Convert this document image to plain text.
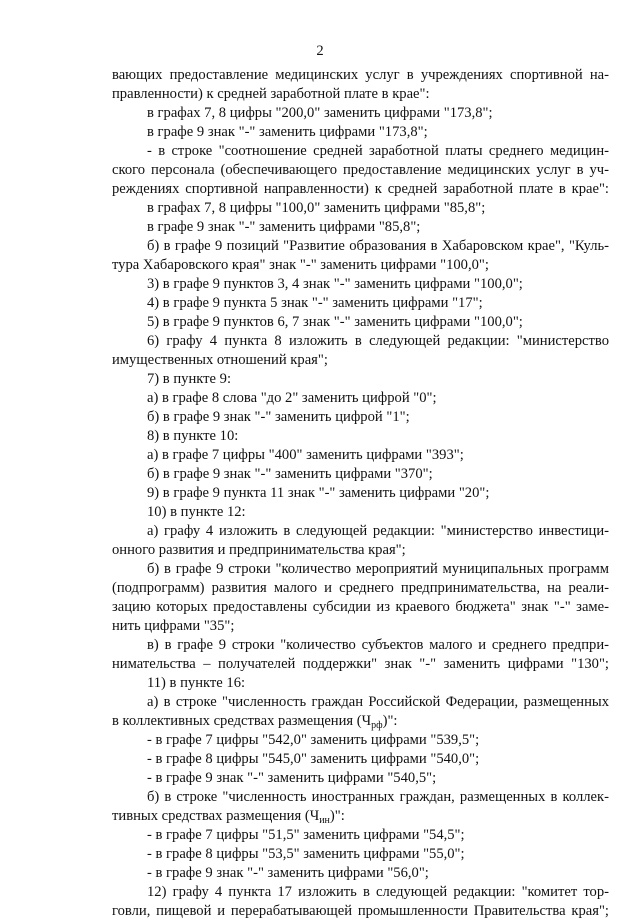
2
вающих предоставление медицинских услуг в учреждениях спортивной на-
правленности) к средней заработной плате в крае":
в графах 7, 8 цифры "200,0" заменить цифрами "173,8";
в графе 9 знак "-" заменить цифрами "173,8";
- в строке "соотношение средней заработной платы среднего медицин-
ского персонала (обеспечивающего предоставление медицинских услуг в уч-
реждениях спортивной направленности) к средней заработной плате в крае":
в графах 7, 8 цифры "100,0" заменить цифрами "85,8";
в графе 9 знак "-" заменить цифрами "85,8";
б) в графе 9 позиций "Развитие образования в Хабаровском крае", "Куль-
тура Хабаровского края" знак "-" заменить цифрами "100,0";
3) в графе 9 пунктов 3, 4 знак "-" заменить цифрами "100,0";
4) в графе 9 пункта 5 знак "-" заменить цифрами "17";
5) в графе 9 пунктов 6, 7 знак "-" заменить цифрами "100,0";
6) графу 4 пункта 8 изложить в следующей редакции: "министерство
имущественных отношений края";
7) в пункте 9:
а) в графе 8 слова "до 2" заменить цифрой "0";
б) в графе 9 знак "-" заменить цифрой "1";
8) в пункте 10:
а) в графе 7 цифры "400" заменить цифрами "393";
б) в графе 9 знак "-" заменить цифрами "370";
9) в графе 9 пункта 11 знак "-" заменить цифрами "20";
10) в пункте 12:
а) графу 4 изложить в следующей редакции: "министерство инвестици-
онного развития и предпринимательства края";
б) в графе 9 строки "количество мероприятий муниципальных программ
(подпрограмм) развития малого и среднего предпринимательства, на реали-
зацию которых предоставлены субсидии из краевого бюджета" знак "-" заме-
нить цифрами "35";
в) в графе 9 строки "количество субъектов малого и среднего предпри-
нимательства – получателей поддержки" знак "-" заменить цифрами "130";
11) в пункте 16:
а) в строке "численность граждан Российской Федерации, размещенных
в коллективных средствах размещения $(Ч_{рф})$":
- в графе 7 цифры "542,0" заменить цифрами "539,5";
- в графе 8 цифры "545,0" заменить цифрами "540,0";
- в графе 9 знак "-" заменить цифрами "540,5";
б) в строке "численность иностранных граждан, размещенных в коллек-
тивных средствах размещения $(Ч_{ин})$":
- в графе 7 цифры "51,5" заменить цифрами "54,5";
- в графе 8 цифры "53,5" заменить цифрами "55,0";
- в графе 9 знак "-" заменить цифрами "56,0";
12) графу 4 пункта 17 изложить в следующей редакции: "комитет тор-
говли, пищевой и перерабатывающей промышленности Правительства края";
